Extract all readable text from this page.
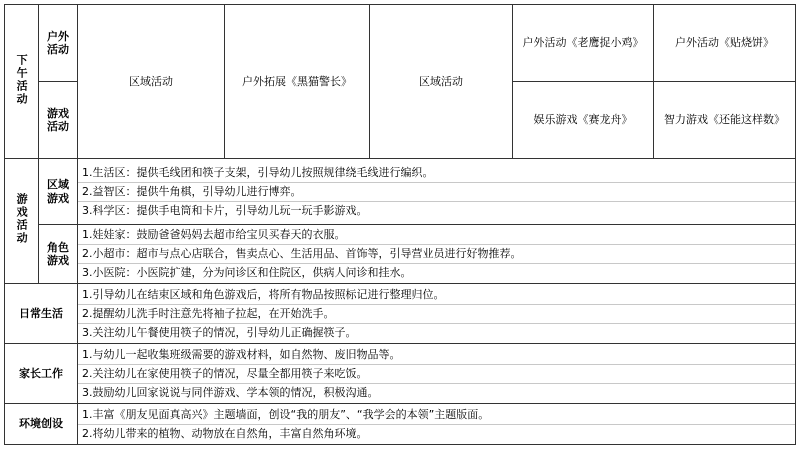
下午活动	户外活动	区域活动	户外拓展《黑猫警长》	区域活动	户外活动《老鹰捉小鸡》	户外活动《贴烧饼》

	游戏活动				娱乐游戏《赛龙舟》	智力游戏《还能这样数》
游戏活动	区域游戏	1.生活区：提供毛线团和筷子支架，引导幼儿按照规律绕毛线进行编织。
2.益智区：提供牛角棋，引导幼儿进行博弈。
3.科学区：提供手电筒和卡片，引导幼儿玩一玩手影游戏。				

	角色游戏	1.娃娃家：鼓励爸爸妈妈去超市给宝贝买春天的衣服。
2.小超市：超市与点心店联合，售卖点心、生活用品、首饰等，引导营业员进行好物推荐。
3.小医院：小医院扩建，分为问诊区和住院区，供病人问诊和挂水。				

日常生活		1.引导幼儿在结束区域和角色游戏后，将所有物品按照标记进行整理归位。
2.提醒幼儿洗手时注意先将袖子拉起，在开始洗手。
3.关注幼儿午餐使用筷子的情况，引导幼儿正确握筷子。				

家长工作		1.与幼儿一起收集班级需要的游戏材料，如自然物、废旧物品等。
2.关注幼儿在家使用筷子的情况，尽量全都用筷子来吃饭。
3.鼓励幼儿回家说说与同伴游戏、学本领的情况，积极沟通。				

环境创设		1.丰富《朋友见面真高兴》主题墙面，创设“我的朋友”、“我学会的本领”主题版面。
2.将幼儿带来的植物、动物放在自然角，丰富自然角环境。				
